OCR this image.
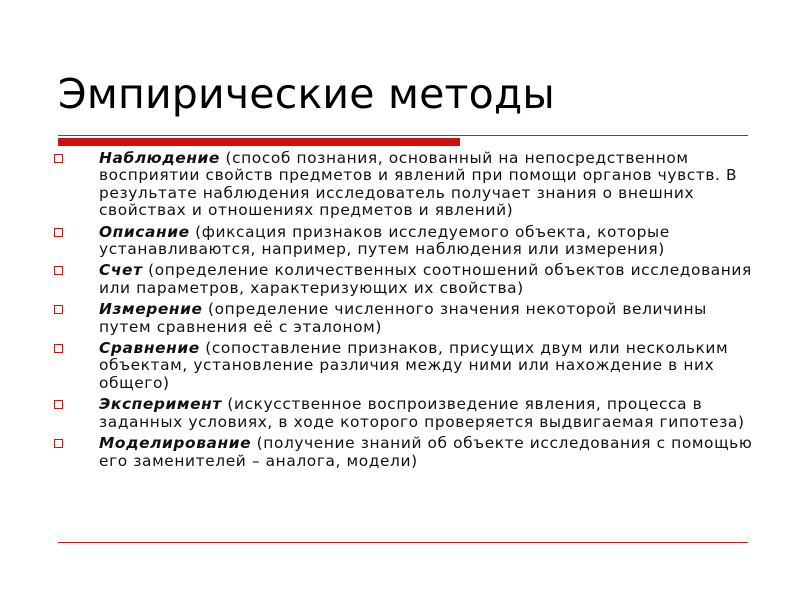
Эмпирические методы
Наблюдение (способ познания, основанный на непосредственном восприятии свойств предметов и явлений при помощи органов чувств. В результате наблюдения исследователь получает знания о внешних свойствах и отношениях предметов и явлений)
Описание (фиксация признаков исследуемого объекта, которые устанавливаются, например, путем наблюдения или измерения)
Счет (определение количественных соотношений объектов исследования или параметров, характеризующих их свойства)
Измерение (определение численного значения некоторой величины путем сравнения её с эталоном)
Сравнение (сопоставление признаков, присущих двум или нескольким объектам, установление различия между ними или нахождение в них общего)
Эксперимент (искусственное воспроизведение явления, процесса в заданных условиях, в ходе которого проверяется выдвигаемая гипотеза)
Моделирование (получение знаний об объекте исследования с помощью его заменителей – аналога, модели)
